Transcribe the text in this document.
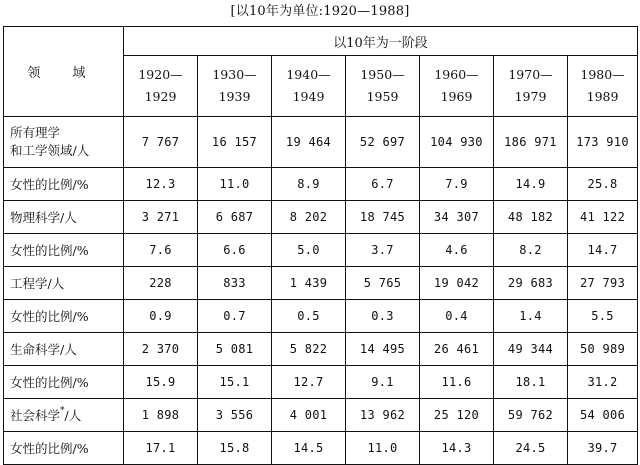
[以10年为单位:1920—1988]
领 域	以10年为一阶段						

	1920—
1929	1930—
1939	1940—
1949	1950—
1959	1960—
1969	1970—
1979	1980—
1989

所有理学
和工学领域/人	7 767	16 157	19 464	52 697	104 930	186 971	173 910
女性的比例/%	12.3	11.0	8.9	6.7	7.9	14.9	25.8
物理科学/人	3 271	6 687	8 202	18 745	34 307	48 182	41 122
女性的比例/%	7.6	6.6	5.0	3.7	4.6	8.2	14.7
工程学/人	228	833	1 439	5 765	19 042	29 683	27 793
女性的比例/%	0.9	0.7	0.5	0.3	0.4	1.4	5.5
生命科学/人	2 370	5 081	5 822	14 495	26 461	49 344	50 989
女性的比例/%	15.9	15.1	12.7	9.1	11.6	18.1	31.2
社会科学*/人	1 898	3 556	4 001	13 962	25 120	59 762	54 006
女性的比例/%	17.1	15.8	14.5	11.0	14.3	24.5	39.7
